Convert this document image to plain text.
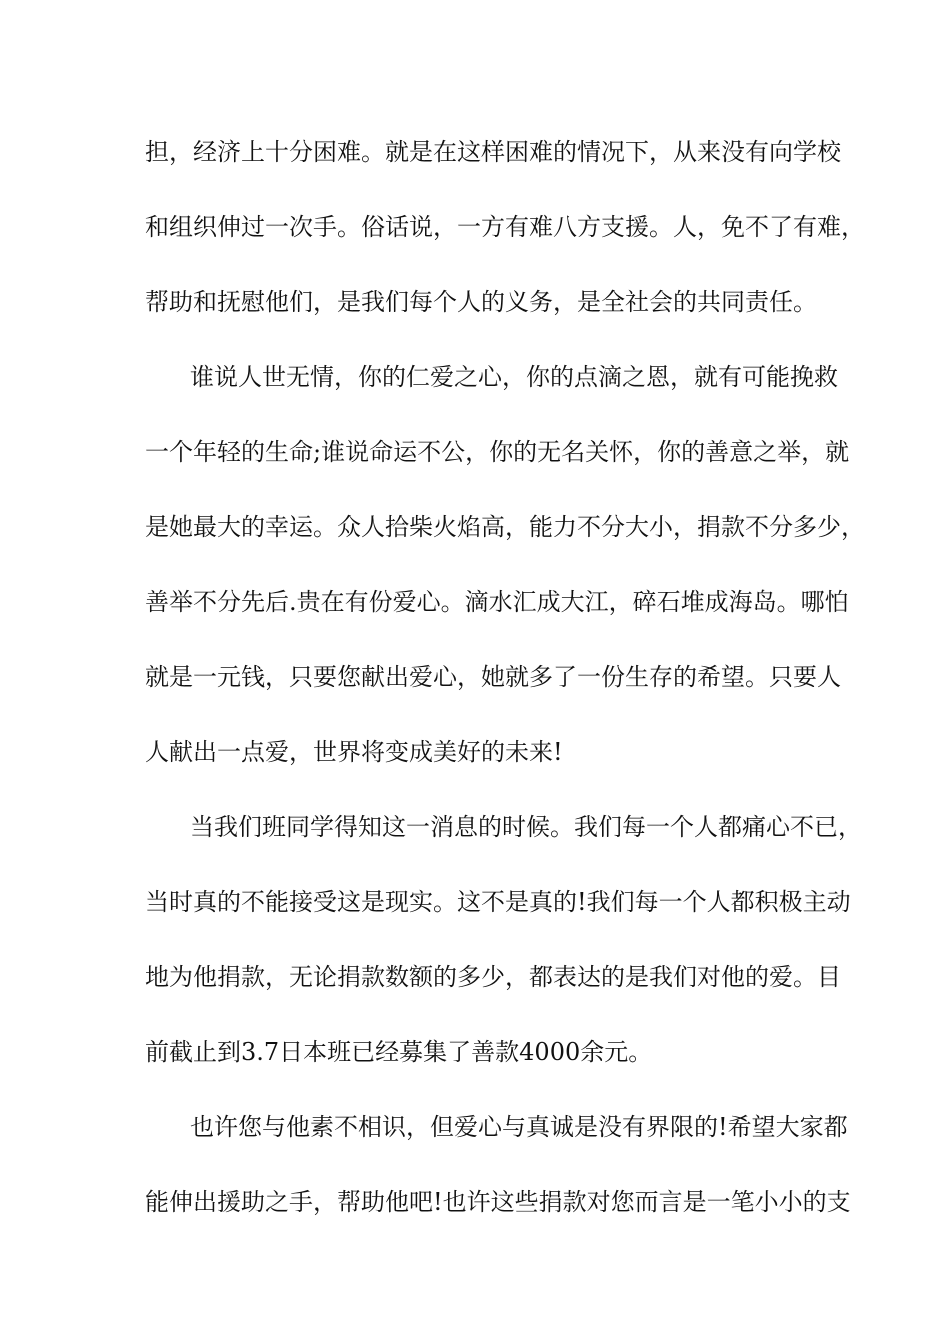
担，经济上十分困难。就是在这样困难的情况下，从来没有向学校
和组织伸过一次手。俗话说，一方有难八方支援。人，免不了有难，
帮助和抚慰他们，是我们每个人的义务，是全社会的共同责任。
谁说人世无情，你的仁爱之心，你的点滴之恩，就有可能挽救
一个年轻的生命;谁说命运不公，你的无名关怀，你的善意之举，就
是她最大的幸运。众人拾柴火焰高，能力不分大小，捐款不分多少，
善举不分先后.贵在有份爱心。滴水汇成大江，碎石堆成海岛。哪怕
就是一元钱，只要您献出爱心，她就多了一份生存的希望。只要人
人献出一点爱，世界将变成美好的未来!
当我们班同学得知这一消息的时候。我们每一个人都痛心不已，
当时真的不能接受这是现实。这不是真的!我们每一个人都积极主动
地为他捐款，无论捐款数额的多少，都表达的是我们对他的爱。目
前截止到3.7日本班已经募集了善款4000余元。
也许您与他素不相识，但爱心与真诚是没有界限的!希望大家都
能伸出援助之手，帮助他吧!也许这些捐款对您而言是一笔小小的支
